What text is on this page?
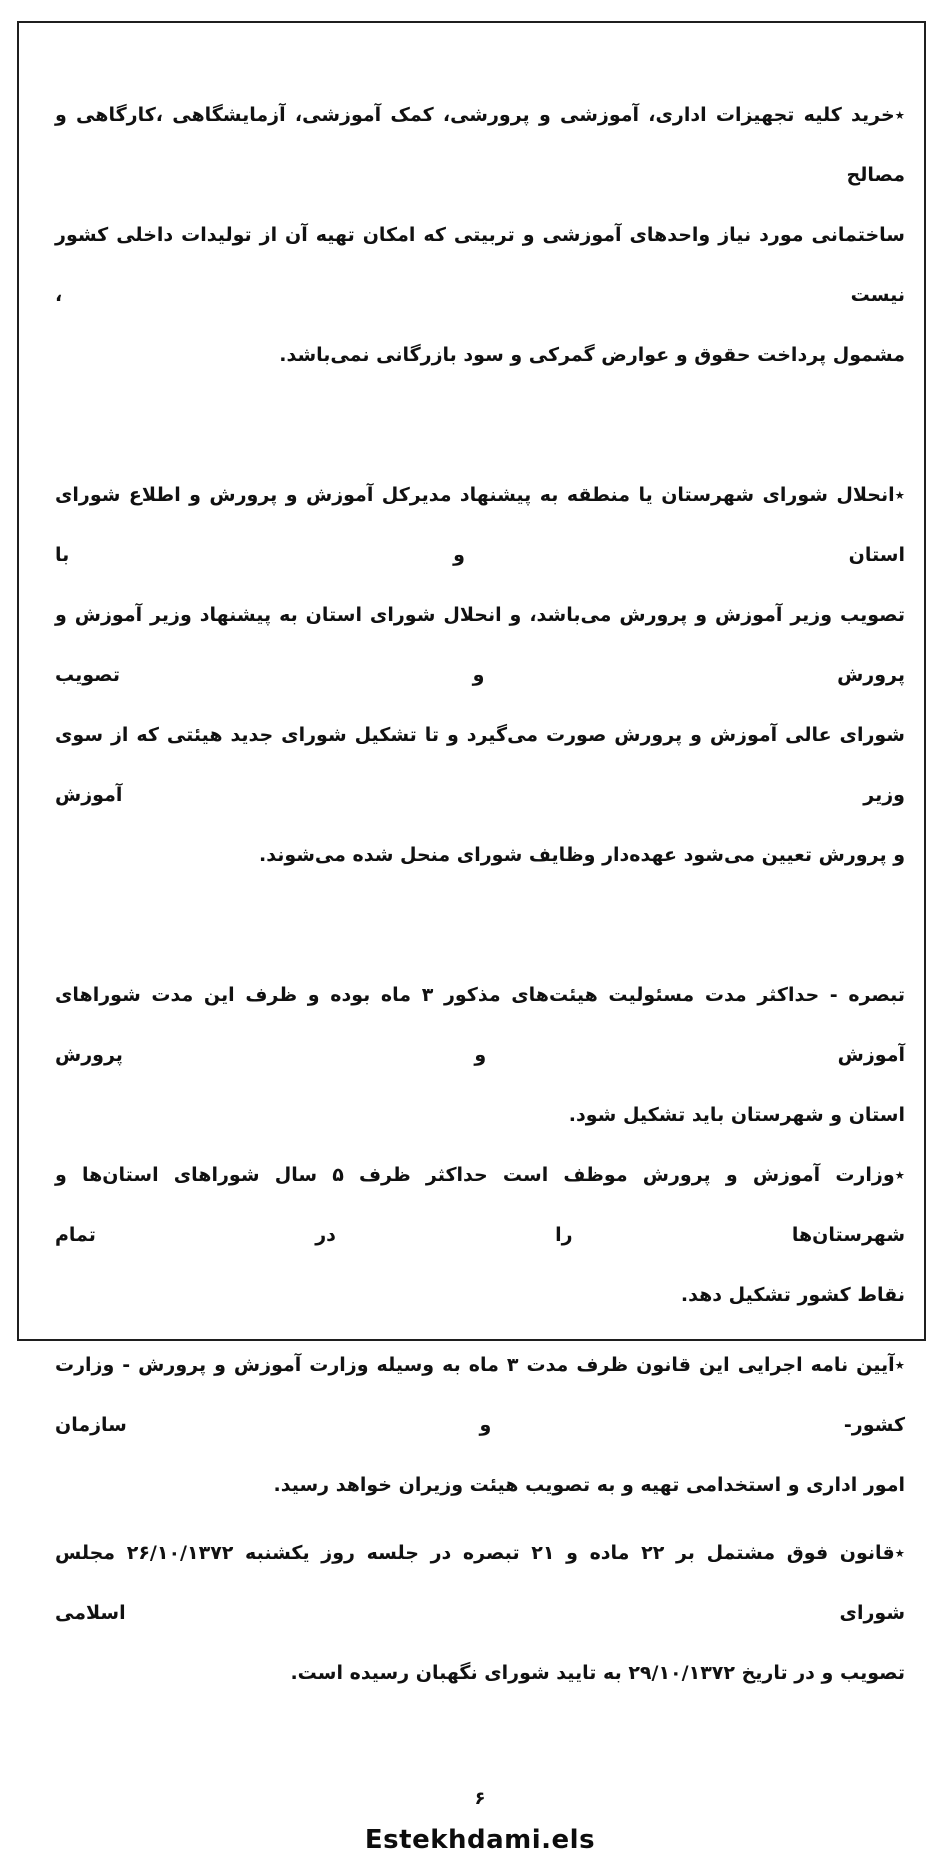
٭خرید کلیه تجهیزات اداری، آموزشی و پرورشی، کمک آموزشی، آزمایشگاهی ،کارگاهی و مصالح
ساختمانی مورد نیاز واحدهای آموزشی و تربیتی که امکان تهیه آن از تولیدات داخلی کشور نیست ،
مشمول پرداخت حقوق و عوارض گمرکی و سود بازرگانی نمی‌باشد.
٭انحلال شورای شهرستان یا منطقه به پیشنهاد مدیرکل آموزش و پرورش و اطلاع شورای استان و با
تصویب وزیر آموزش و پرورش می‌باشد، و انحلال شورای استان به پیشنهاد وزیر آموزش و پرورش و تصویب
شورای عالی آموزش و پرورش صورت می‌گیرد و تا تشکیل شورای جدید هیئتی که از سوی وزیر آموزش
و پرورش تعیین می‌شود عهده‌دار وظایف شورای منحل شده می‌شوند.
تبصره - حداکثر مدت مسئولیت هیئت‌های مذکور ۳ ماه بوده و ظرف این مدت شوراهای آموزش و پرورش
استان و شهرستان باید تشکیل شود.
٭وزارت آموزش و پرورش موظف است حداکثر ظرف ۵ سال شوراهای استان‌ها و شهرستان‌ها را در تمام
نقاط کشور تشکیل دهد.
٭آیین نامه اجرایی این قانون ظرف مدت ۳ ماه به وسیله وزارت آموزش و پرورش - وزارت کشور- و سازمان
امور اداری و استخدامی تهیه و به تصویب هیئت وزیران خواهد رسید.
٭قانون فوق مشتمل بر ۲۲ ماده و ۲۱ تبصره در جلسه روز یکشنبه ۲۶/۱۰/۱۳۷۲ مجلس شورای اسلامی
تصویب و در تاریخ ۲۹/۱۰/۱۳۷۲ به تایید شورای نگهبان رسیده است.
۶
Estekhdami.els
